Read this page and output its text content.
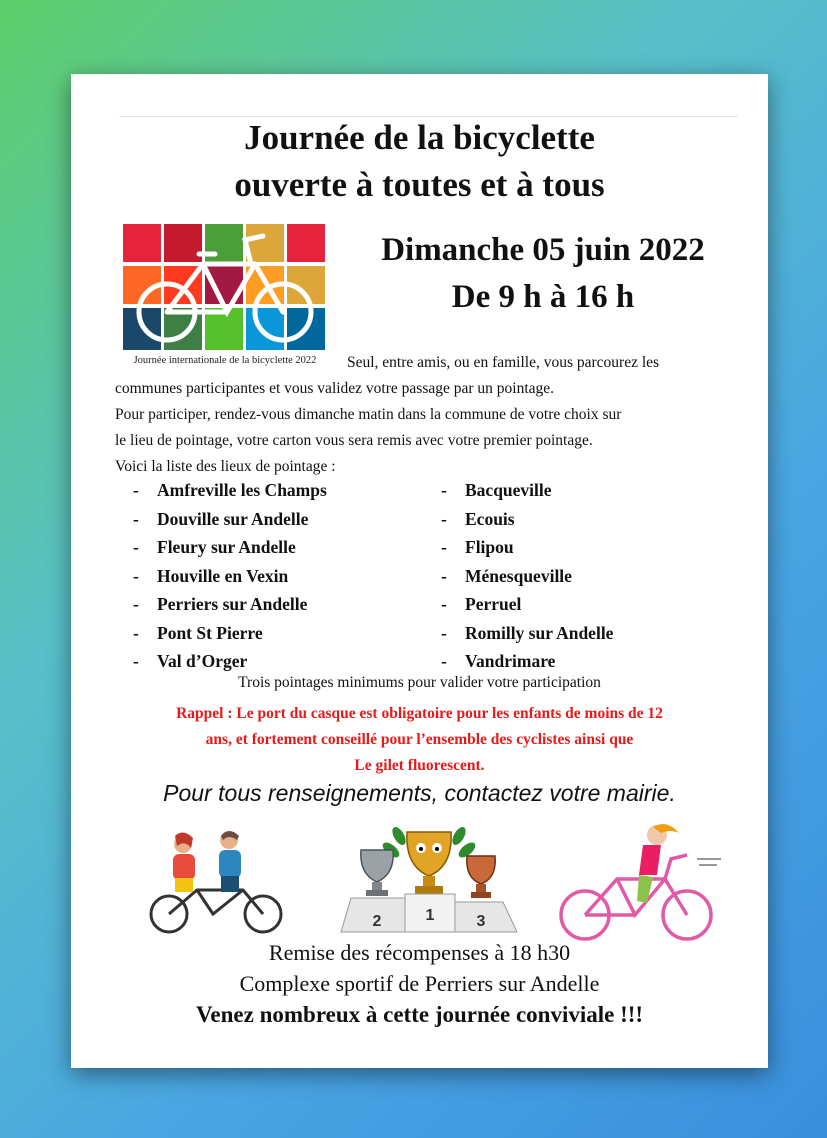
Journée de la bicyclette
ouverte à toutes et à tous
Journée internationale de la bicyclette 2022
Dimanche 05 juin 2022
De 9 h à 16 h
Seul, entre amis, ou en famille, vous parcourez les
communes participantes et vous validez votre passage par un pointage.
Pour participer, rendez-vous dimanche matin dans la commune de votre choix sur
le lieu de pointage, votre carton vous sera remis avec votre premier pointage.
Voici la liste des lieux de pointage :
- Amfreville les Champs
- Douville sur Andelle
- Fleury sur Andelle
- Houville en Vexin
- Perriers sur Andelle
- Pont St Pierre
- Val d’Orger
- Bacqueville
- Ecouis
- Flipou
- Ménesqueville
- Perruel
- Romilly sur Andelle
- Vandrimare
Trois pointages minimums pour valider votre participation
Rappel : Le port du casque est obligatoire pour les enfants de moins de 12
ans, et fortement conseillé pour l’ensemble des cyclistes ainsi que
Le gilet fluorescent.
Pour tous renseignements, contactez votre mairie.
2	1	3
Remise des récompenses à 18 h30
Complexe sportif de Perriers sur Andelle
Venez nombreux à cette journée conviviale !!!
